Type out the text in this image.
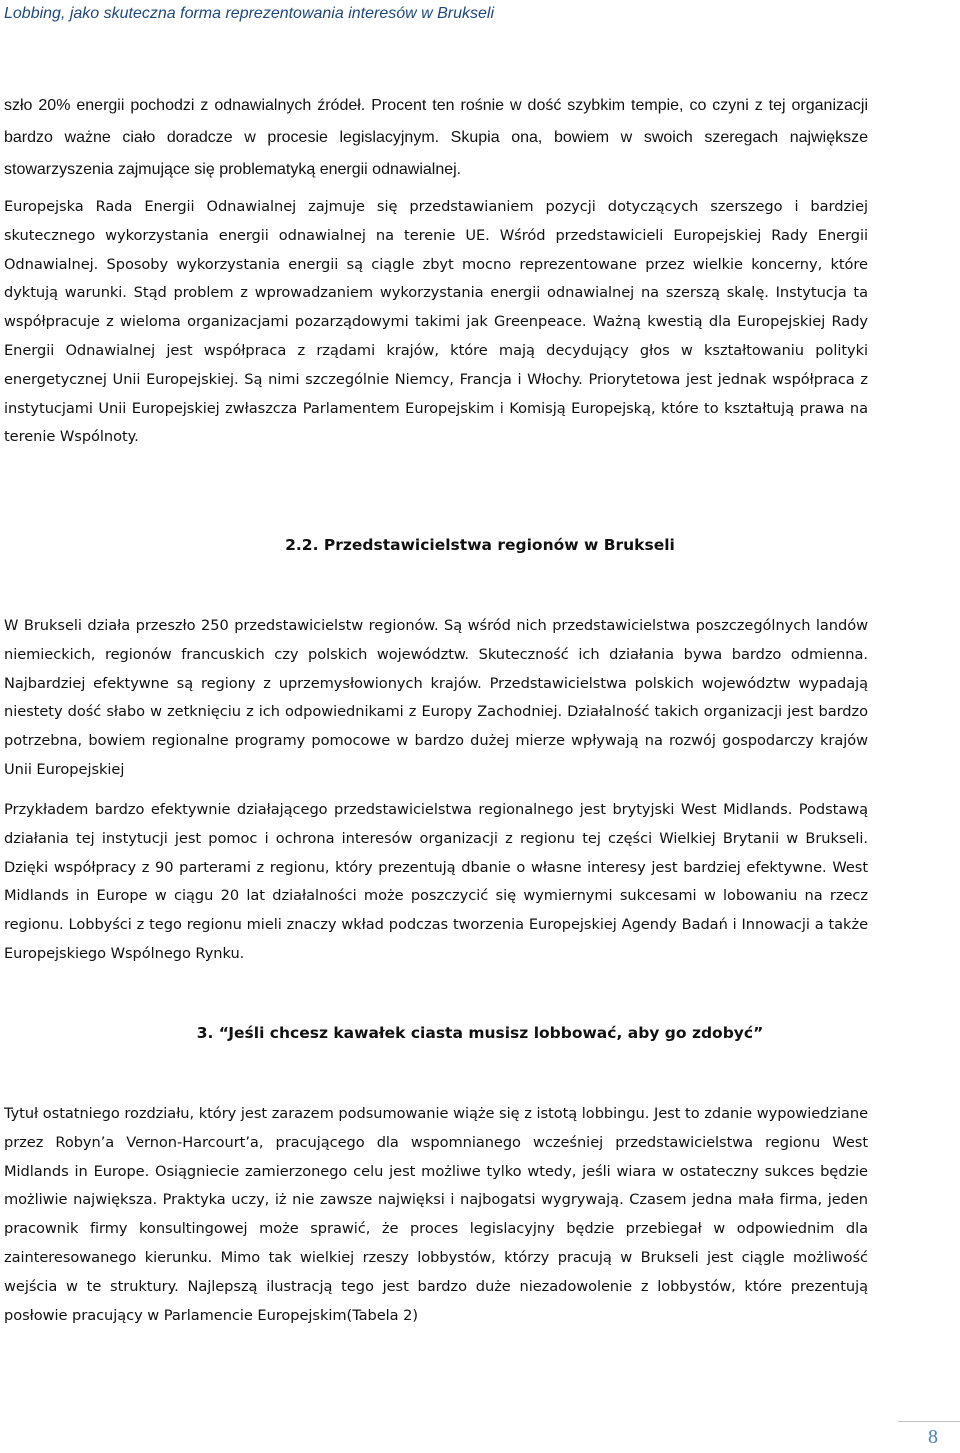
Lobbing, jako skuteczna forma reprezentowania interesów w Brukseli

szło 20% energii pochodzi z odnawialnych źródeł. Procent ten rośnie w dość szybkim tempie, co czyni z tej organizacji bardzo ważne ciało doradcze w procesie legislacyjnym. Skupia ona, bowiem w swoich szeregach największe stowarzyszenia zajmujące się problematyką energii odnawialnej.

Europejska Rada Energii Odnawialnej zajmuje się przedstawianiem pozycji dotyczących szerszego i bardziej skutecznego wykorzystania energii odnawialnej na terenie UE. Wśród przedstawicieli Europejskiej Rady Energii Odnawialnej. Sposoby wykorzystania energii są ciągle zbyt mocno reprezentowane przez wielkie koncerny, które dyktują warunki. Stąd problem z wprowadzaniem wykorzystania energii odnawialnej na szerszą skalę. Instytucja ta współpracuje z wieloma organizacjami pozarządowymi takimi jak Greenpeace. Ważną kwestią dla Europejskiej Rady Energii Odnawialnej jest współpraca z rządami krajów, które mają decydujący głos w kształtowaniu polityki energetycznej Unii Europejskiej. Są nimi szczególnie Niemcy, Francja i Włochy. Priorytetowa jest jednak współpraca z instytucjami Unii Europejskiej zwłaszcza Parlamentem Europejskim i Komisją Europejską, które to kształtują prawa na terenie Wspólnoty.

2.2. Przedstawicielstwa regionów w Brukseli

W Brukseli działa przeszło 250 przedstawicielstw regionów. Są wśród nich przedstawicielstwa poszczególnych landów niemieckich, regionów francuskich czy polskich województw. Skuteczność ich działania bywa bardzo odmienna. Najbardziej efektywne są regiony z uprzemysłowionych krajów. Przedstawicielstwa polskich województw wypadają niestety dość słabo w zetknięciu z ich odpowiednikami z Europy Zachodniej. Działalność takich organizacji jest bardzo potrzebna, bowiem regionalne programy pomocowe w bardzo dużej mierze wpływają na rozwój gospodarczy krajów Unii Europejskiej

Przykładem bardzo efektywnie działającego przedstawicielstwa regionalnego jest brytyjski West Midlands. Podstawą działania tej instytucji jest pomoc i ochrona interesów organizacji z regionu tej części Wielkiej Brytanii w Brukseli. Dzięki współpracy z 90 parterami z regionu, który prezentują dbanie o własne interesy jest bardziej efektywne. West Midlands in Europe w ciągu 20 lat działalności może poszczycić się wymiernymi sukcesami w lobowaniu na rzecz regionu. Lobbyści z tego regionu mieli znaczy wkład podczas tworzenia Europejskiej Agendy Badań i Innowacji a także Europejskiego Wspólnego Rynku.

3. “Jeśli chcesz kawałek ciasta musisz lobbować, aby go zdobyć”

Tytuł ostatniego rozdziału, który jest zarazem podsumowanie wiąże się z istotą lobbingu. Jest to zdanie wypowiedziane przez Robyn’a Vernon-Harcourt’a, pracującego dla wspomnianego wcześniej przedstawicielstwa regionu West Midlands in Europe. Osiągniecie zamierzonego celu jest możliwe tylko wtedy, jeśli wiara w ostateczny sukces będzie możliwie największa. Praktyka uczy, iż nie zawsze najwięksi i najbogatsi wygrywają. Czasem jedna mała firma, jeden pracownik firmy konsultingowej może sprawić, że proces legislacyjny będzie przebiegał w odpowiednim dla zainteresowanego kierunku. Mimo tak wielkiej rzeszy lobbystów, którzy pracują w Brukseli jest ciągle możliwość wejścia w te struktury. Najlepszą ilustracją tego jest bardzo duże niezadowolenie z lobbystów, które prezentują posłowie pracujący w Parlamencie Europejskim(Tabela 2)

8
